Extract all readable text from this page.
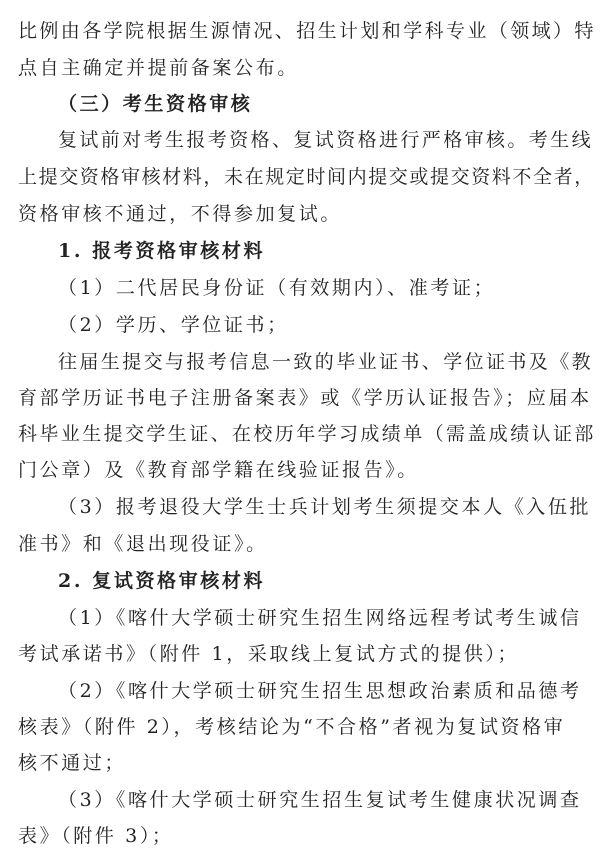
比例由各学院根据生源情况、招生计划和学科专业（领域）特
点自主确定并提前备案公布。
（三）考生资格审核
复试前对考生报考资格、复试资格进行严格审核。考生线
上提交资格审核材料，未在规定时间内提交或提交资料不全者，
资格审核不通过，不得参加复试。
1. 报考资格审核材料
（1）二代居民身份证（有效期内）、准考证；
（2）学历、学位证书；
往届生提交与报考信息一致的毕业证书、学位证书及《教
育部学历证书电子注册备案表》或《学历认证报告》；应届本
科毕业生提交学生证、在校历年学习成绩单（需盖成绩认证部
门公章）及《教育部学籍在线验证报告》。
（3）报考退役大学生士兵计划考生须提交本人《入伍批
准书》和《退出现役证》。
2. 复试资格审核材料
（1）《喀什大学硕士研究生招生网络远程考试考生诚信
考试承诺书》（附件 1，采取线上复试方式的提供）；
（2）《喀什大学硕士研究生招生思想政治素质和品德考
核表》（附件 2），考核结论为“不合格”者视为复试资格审
核不通过；
（3）《喀什大学硕士研究生招生复试考生健康状况调查
表》（附件 3）；
